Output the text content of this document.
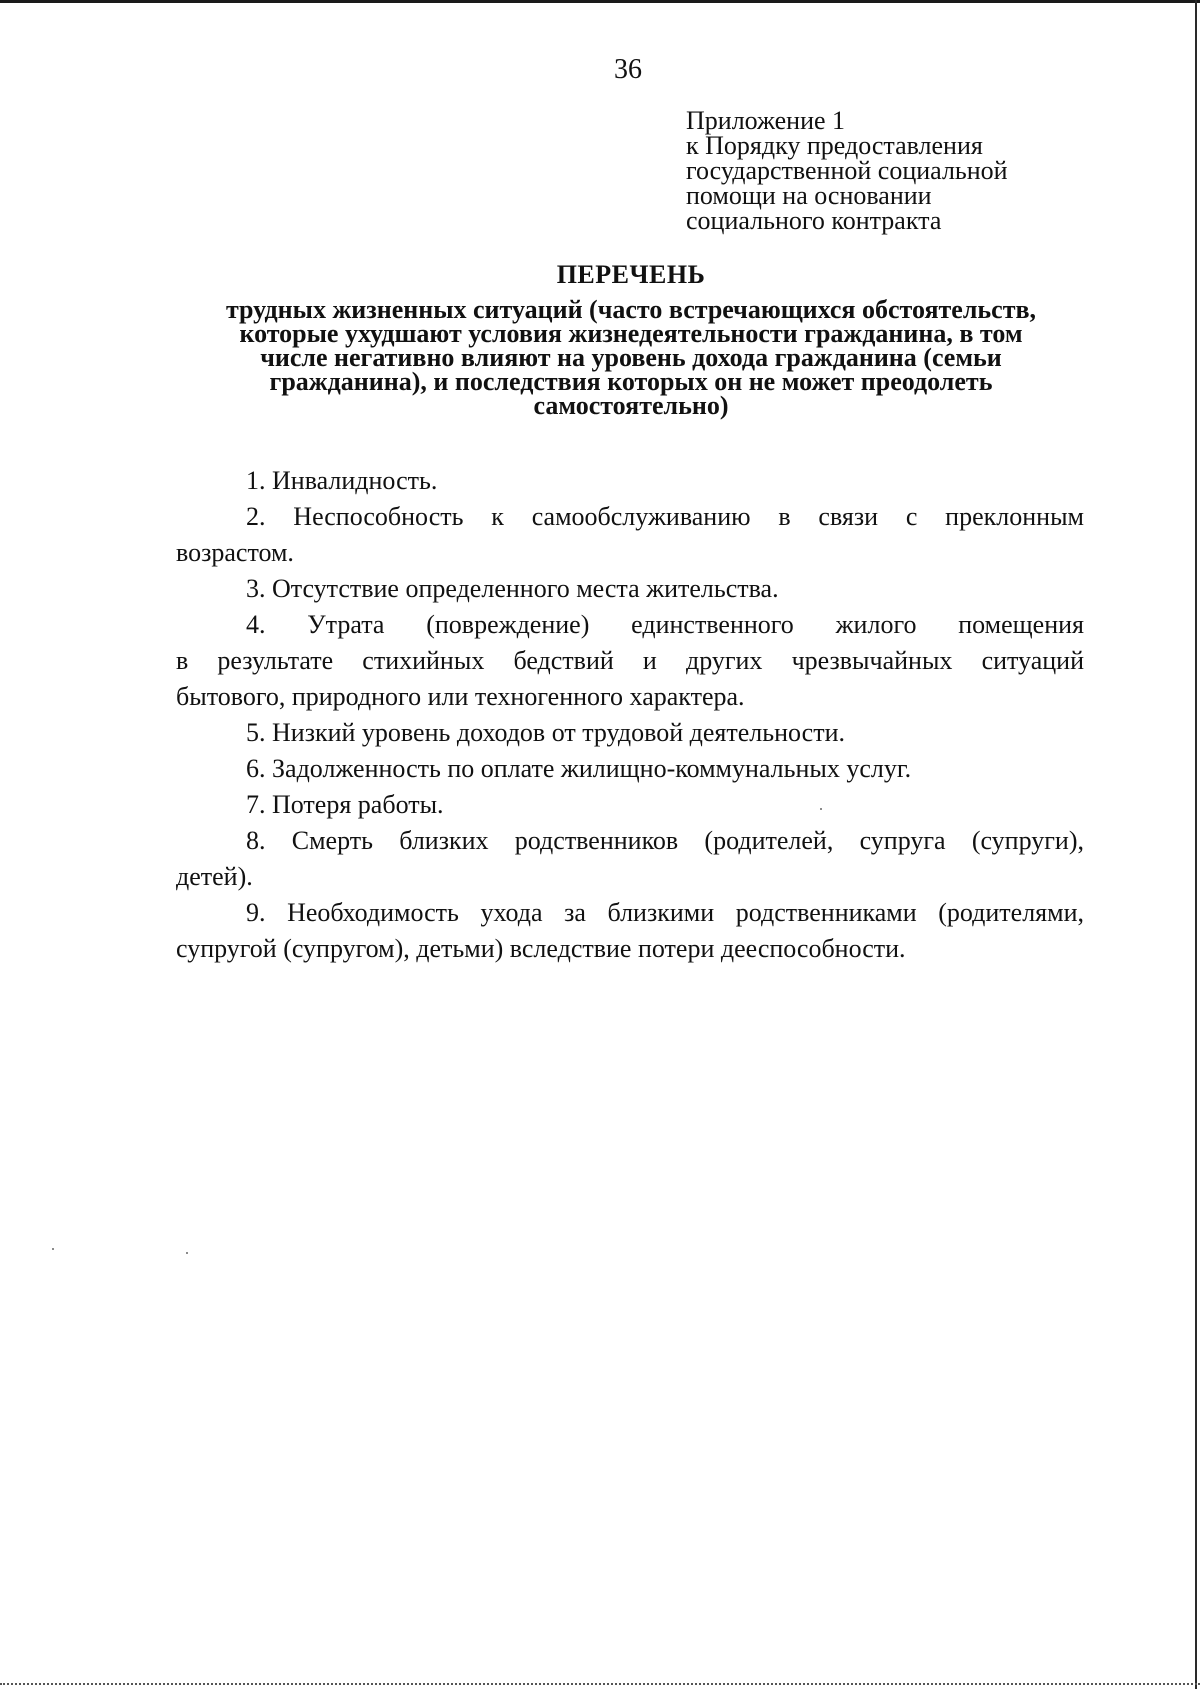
36
Приложение 1
к Порядку предоставления
государственной социальной
помощи на основании
социального контракта
ПЕРЕЧЕНЬ
трудных жизненных ситуаций (часто встречающихся обстоятельств,
которые ухудшают условия жизнедеятельности гражданина, в том
числе негативно влияют на уровень дохода гражданина (семьи
гражданина), и последствия которых он не может преодолеть
самостоятельно)

1. Инвалидность.

2. Неспособность к самообслуживанию в связи с преклонным
возрастом.

3. Отсутствие определенного места жительства.

4. Утрата (повреждение) единственного жилого помещения
в результате стихийных бедствий и других чрезвычайных ситуаций
бытового, природного или техногенного характера.

5. Низкий уровень доходов от трудовой деятельности.

6. Задолженность по оплате жилищно-коммунальных услуг.

7. Потеря работы.

8. Смерть близких родственников (родителей, супруга (супруги),
детей).

9. Необходимость ухода за близкими родственниками (родителями,
супругой (супругом), детьми) вследствие потери дееспособности.
